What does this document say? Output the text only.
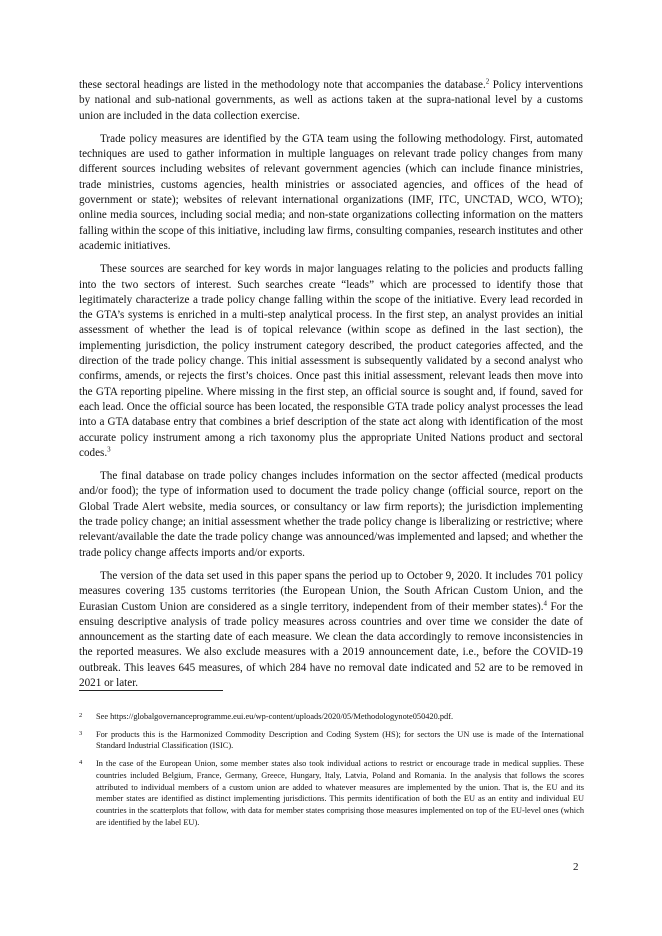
these sectoral headings are listed in the methodology note that accompanies the database.$^2$ Policy interventions by national and sub-national governments, as well as actions taken at the supra-national level by a customs union are included in the data collection exercise.

Trade policy measures are identified by the GTA team using the following methodology. First, automated techniques are used to gather information in multiple languages on relevant trade policy changes from many different sources including websites of relevant government agencies (which can include finance ministries, trade ministries, customs agencies, health ministries or associated agencies, and offices of the head of government or state); websites of relevant international organizations (IMF, ITC, UNCTAD, WCO, WTO); online media sources, including social media; and non-state organizations collecting information on the matters falling within the scope of this initiative, including law firms, consulting companies, research institutes and other academic initiatives.

These sources are searched for key words in major languages relating to the policies and products falling into the two sectors of interest. Such searches create “leads” which are processed to identify those that legitimately characterize a trade policy change falling within the scope of the initiative. Every lead recorded in the GTA’s systems is enriched in a multi-step analytical process. In the first step, an analyst provides an initial assessment of whether the lead is of topical relevance (within scope as defined in the last section), the implementing jurisdiction, the policy instrument category described, the product categories affected, and the direction of the trade policy change. This initial assessment is subsequently validated by a second analyst who confirms, amends, or rejects the first’s choices. Once past this initial assessment, relevant leads then move into the GTA reporting pipeline. Where missing in the first step, an official source is sought and, if found, saved for each lead. Once the official source has been located, the responsible GTA trade policy analyst processes the lead into a GTA database entry that combines a brief description of the state act along with identification of the most accurate policy instrument among a rich taxonomy plus the appropriate United Nations product and sectoral codes.$^3$

The final database on trade policy changes includes information on the sector affected (medical products and/or food); the type of information used to document the trade policy change (official source, report on the Global Trade Alert website, media sources, or consultancy or law firm reports); the jurisdiction implementing the trade policy change; an initial assessment whether the trade policy change is liberalizing or restrictive; where relevant/available the date the trade policy change was announced/was implemented and lapsed; and whether the trade policy change affects imports and/or exports.

The version of the data set used in this paper spans the period up to October 9, 2020. It includes 701 policy measures covering 135 customs territories (the European Union, the South African Custom Union, and the Eurasian Custom Union are considered as a single territory, independent from of their member states).$^4$ For the ensuing descriptive analysis of trade policy measures across countries and over time we consider the date of announcement as the starting date of each measure. We clean the data accordingly to remove inconsistencies in the reported measures. We also exclude measures with a 2019 announcement date, i.e., before the COVID-19 outbreak. This leaves 645 measures, of which 284 have no removal date indicated and 52 are to be removed in 2021 or later.

2	See https://globalgovernanceprogramme.eui.eu/wp-content/uploads/2020/05/Methodologynote050420.pdf.
3	For products this is the Harmonized Commodity Description and Coding System (HS); for sectors the UN use is made of the International Standard Industrial Classification (ISIC).
4	In the case of the European Union, some member states also took individual actions to restrict or encourage trade in medical supplies. These countries included Belgium, France, Germany, Greece, Hungary, Italy, Latvia, Poland and Romania. In the analysis that follows the scores attributed to individual members of a custom union are added to whatever measures are implemented by the union. That is, the EU and its member states are identified as distinct implementing jurisdictions. This permits identification of both the EU as an entity and individual EU countries in the scatterplots that follow, with data for member states comprising those measures implemented on top of the EU-level ones (which are identified by the label EU).
2
